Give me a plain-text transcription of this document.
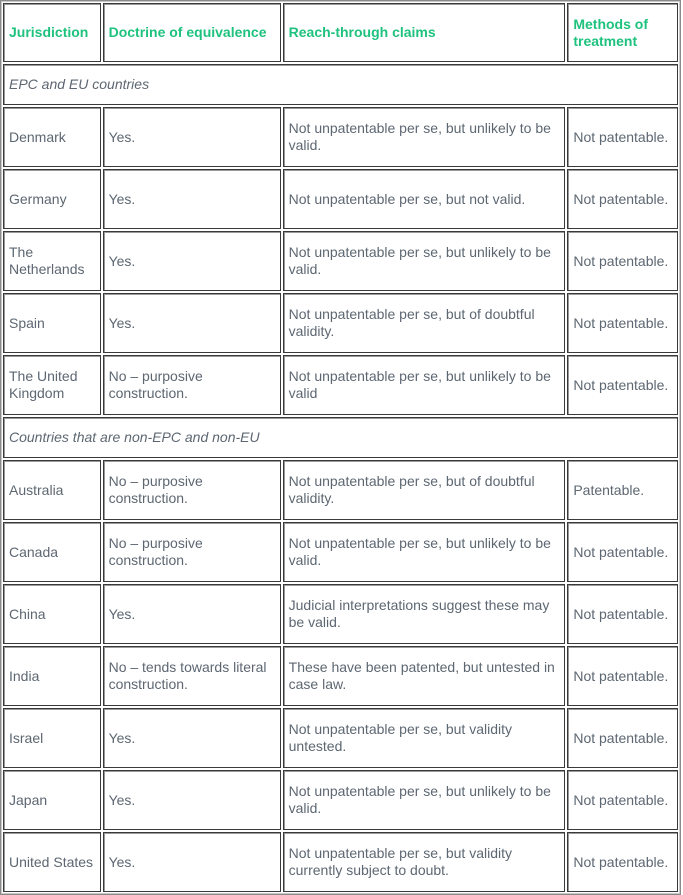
Jurisdiction	Doctrine of equivalence	Reach-through claims	Methods of treatment
EPC and EU countries			
Denmark	Yes.	Not unpatentable per se, but unlikely to be valid.	Not patentable.
Germany	Yes.	Not unpatentable per se, but not valid.	Not patentable.
The Netherlands	Yes.	Not unpatentable per se, but unlikely to be valid.	Not patentable.
Spain	Yes.	Not unpatentable per se, but of doubtful validity.	Not patentable.
The United Kingdom	No – purposive construction.	Not unpatentable per se, but unlikely to be valid	Not patentable.
Countries that are non-EPC and non-EU			
Australia	No – purposive construction.	Not unpatentable per se, but of doubtful validity.	Patentable.
Canada	No – purposive construction.	Not unpatentable per se, but unlikely to be valid.	Not patentable.
China	Yes.	Judicial interpretations suggest these may be valid.	Not patentable.
India	No – tends towards literal construction.	These have been patented, but untested in case law.	Not patentable.
Israel	Yes.	Not unpatentable per se, but validity untested.	Not patentable.
Japan	Yes.	Not unpatentable per se, but unlikely to be valid.	Not patentable.
United States	Yes.	Not unpatentable per se, but validity currently subject to doubt.	Not patentable.
